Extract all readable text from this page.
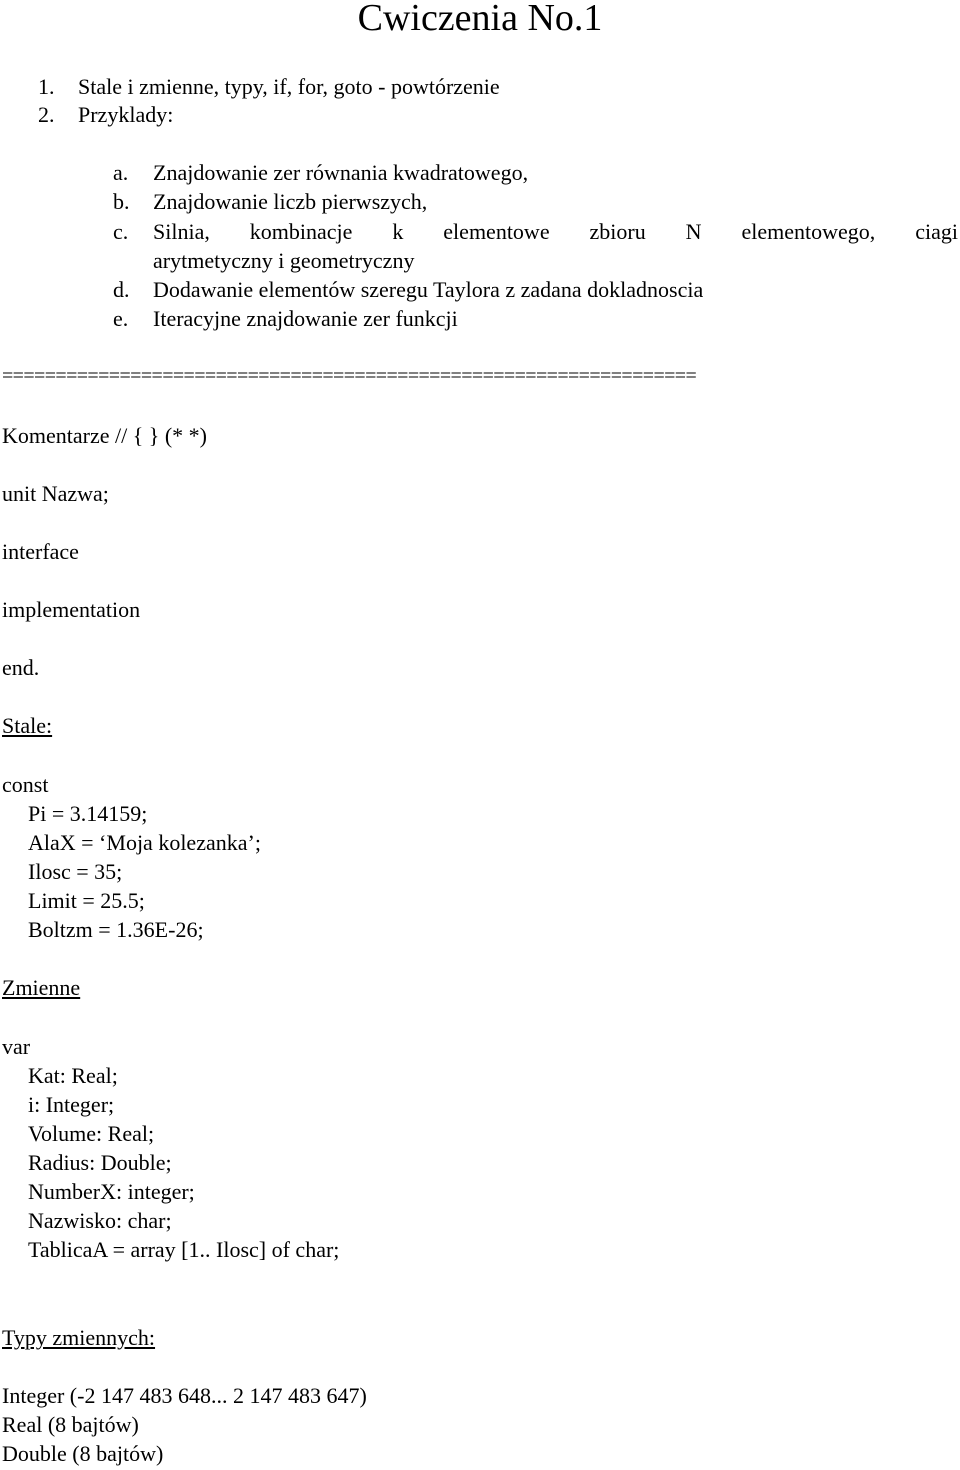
Cwiczenia No.1
1. Stale i zmienne, typy, if, for, goto - powtórzenie
2. Przyklady:
a. Znajdowanie zer równania kwadratowego,
b. Znajdowanie liczb pierwszych,
c. Silnia, kombinacje k elementowe zbioru N elementowego, ciagi
arytmetyczny i geometryczny
d. Dodawanie elementów szeregu Taylora z zadana dokladnoscia
e. Iteracyjne znajdowanie zer funkcji
=================================================================
Komentarze // { } (* *)
unit Nazwa;
interface
implementation
end.
Stale:
const
Pi = 3.14159;
AlaX = ‘Moja kolezanka’;
Ilosc = 35;
Limit = 25.5;
Boltzm = 1.36E-26;
Zmienne
var
Kat: Real;
i: Integer;
Volume: Real;
Radius: Double;
NumberX: integer;
Nazwisko: char;
TablicaA = array [1.. Ilosc] of char;
Typy zmiennych:
Integer (-2 147 483 648... 2 147 483 647)
Real (8 bajtów)
Double (8 bajtów)
